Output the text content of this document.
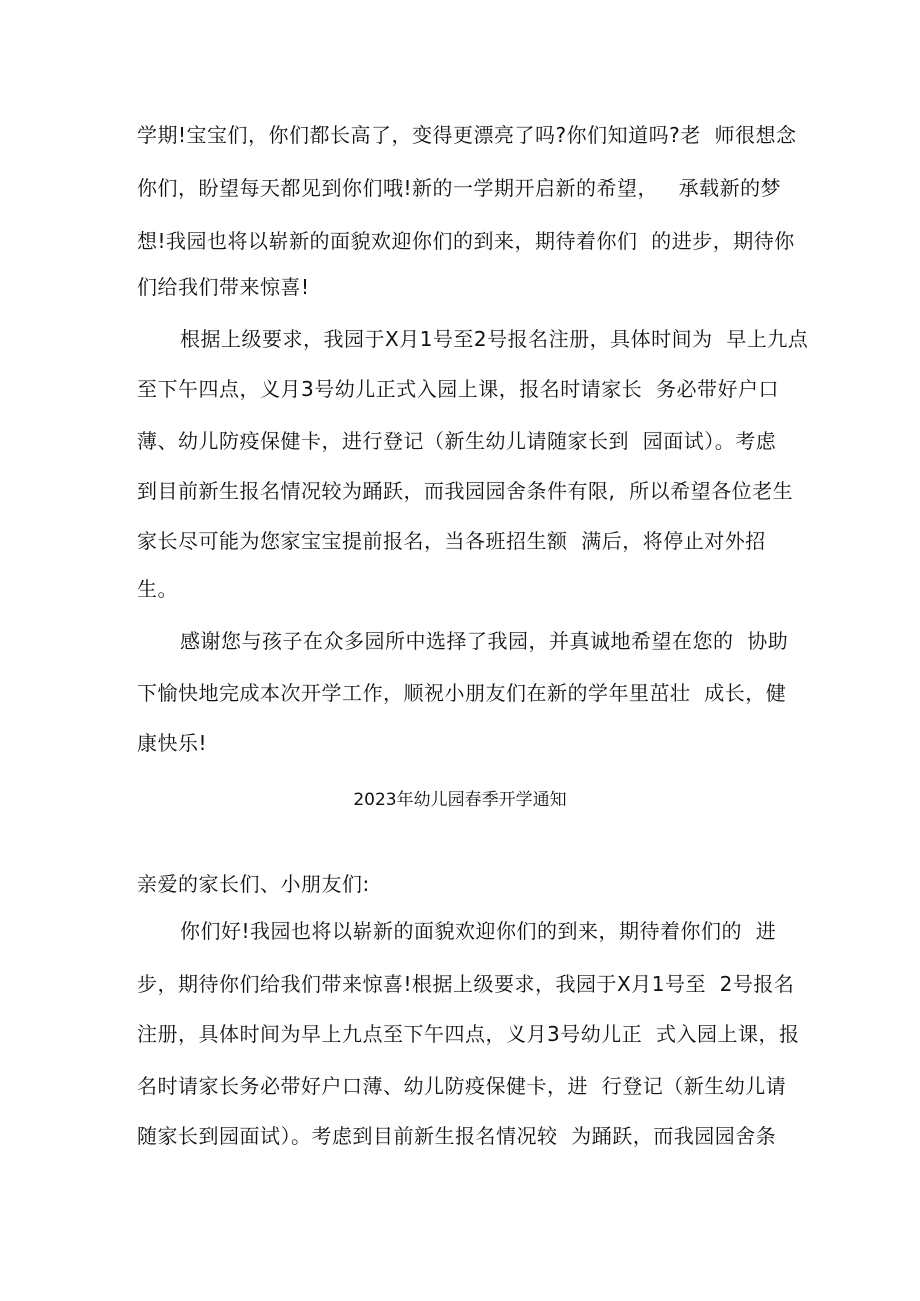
学期!宝宝们，你们都长高了，变得更漂亮了吗?你们知道吗?老  师很想念
你们，盼望每天都见到你们哦!新的一学期开启新的希望，   承载新的梦
想!我园也将以崭新的面貌欢迎你们的到来，期待着你们  的进步，期待你
们给我们带来惊喜!
根据上级要求，我园于X月1号至2号报名注册，具体时间为  早上九点
至下午四点，义月3号幼儿正式入园上课，报名时请家长  务必带好户口
薄、幼儿防疫保健卡，进行登记（新生幼儿请随家长到  园面试）。考虑
到目前新生报名情况较为踊跃，而我园园舍条件有限,  所以希望各位老生
家长尽可能为您家宝宝提前报名，当各班招生额  满后，将停止对外招
生。
感谢您与孩子在众多园所中选择了我园，并真诚地希望在您的  协助
下愉快地完成本次开学工作，顺祝小朋友们在新的学年里茁壮  成长，健
康快乐!
2023年幼儿园春季开学通知
亲爱的家长们、小朋友们:
你们好!我园也将以崭新的面貌欢迎你们的到来，期待着你们的  进
步，期待你们给我们带来惊喜!根据上级要求，我园于X月1号至  2号报名
注册，具体时间为早上九点至下午四点，义月3号幼儿正  式入园上课，报
名时请家长务必带好户口薄、幼儿防疫保健卡，进  行登记（新生幼儿请
随家长到园面试）。考虑到目前新生报名情况较  为踊跃，而我园园舍条
